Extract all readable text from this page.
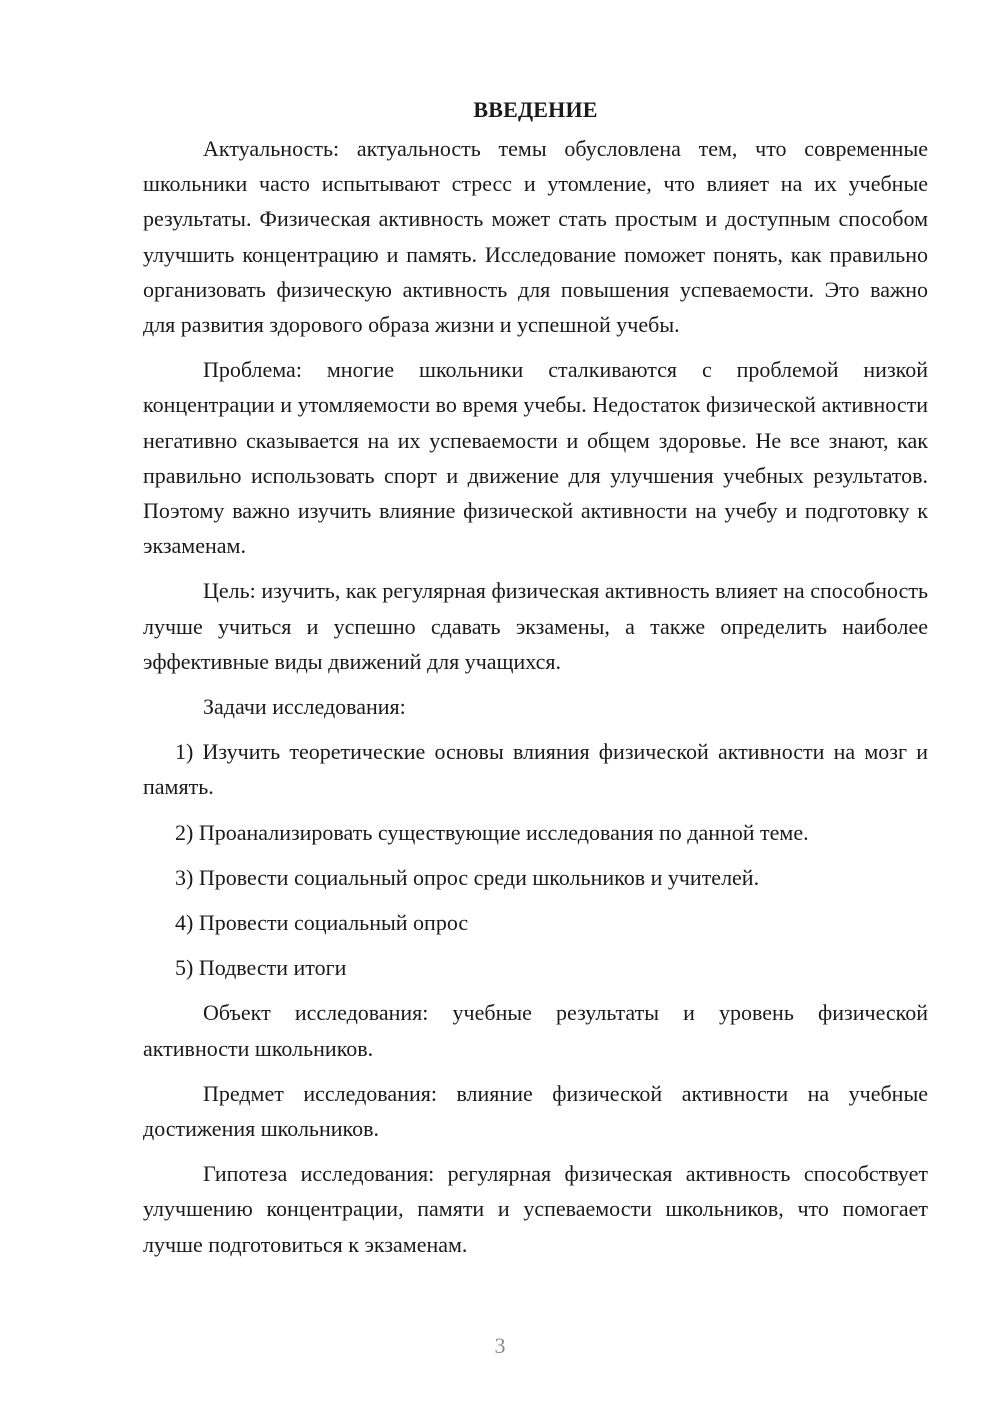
ВВЕДЕНИЕ

Актуальность: актуальность темы обусловлена тем, что современные школьники часто испытывают стресс и утомление, что влияет на их учебные результаты. Физическая активность может стать простым и доступным способом улучшить концентрацию и память. Исследование поможет понять, как правильно организовать физическую активность для повышения успеваемости. Это важно для развития здорового образа жизни и успешной учебы.

Проблема: многие школьники сталкиваются с проблемой низкой концентрации и утомляемости во время учебы. Недостаток физической активности негативно сказывается на их успеваемости и общем здоровье. Не все знают, как правильно использовать спорт и движение для улучшения учебных результатов. Поэтому важно изучить влияние физической активности на учебу и подготовку к экзаменам.

Цель: изучить, как регулярная физическая активность влияет на способность лучше учиться и успешно сдавать экзамены, а также определить наиболее эффективные виды движений для учащихся.

Задачи исследования:

1) Изучить теоретические основы влияния физической активности на мозг и память.

2) Проанализировать существующие исследования по данной теме.

3) Провести социальный опрос среди школьников и учителей.

4) Провести социальный опрос

5) Подвести итоги

Объект исследования: учебные результаты и уровень физической активности школьников.

Предмет исследования: влияние физической активности на учебные достижения школьников.

Гипотеза исследования: регулярная физическая активность способствует улучшению концентрации, памяти и успеваемости школьников, что помогает лучше подготовиться к экзаменам.

3
